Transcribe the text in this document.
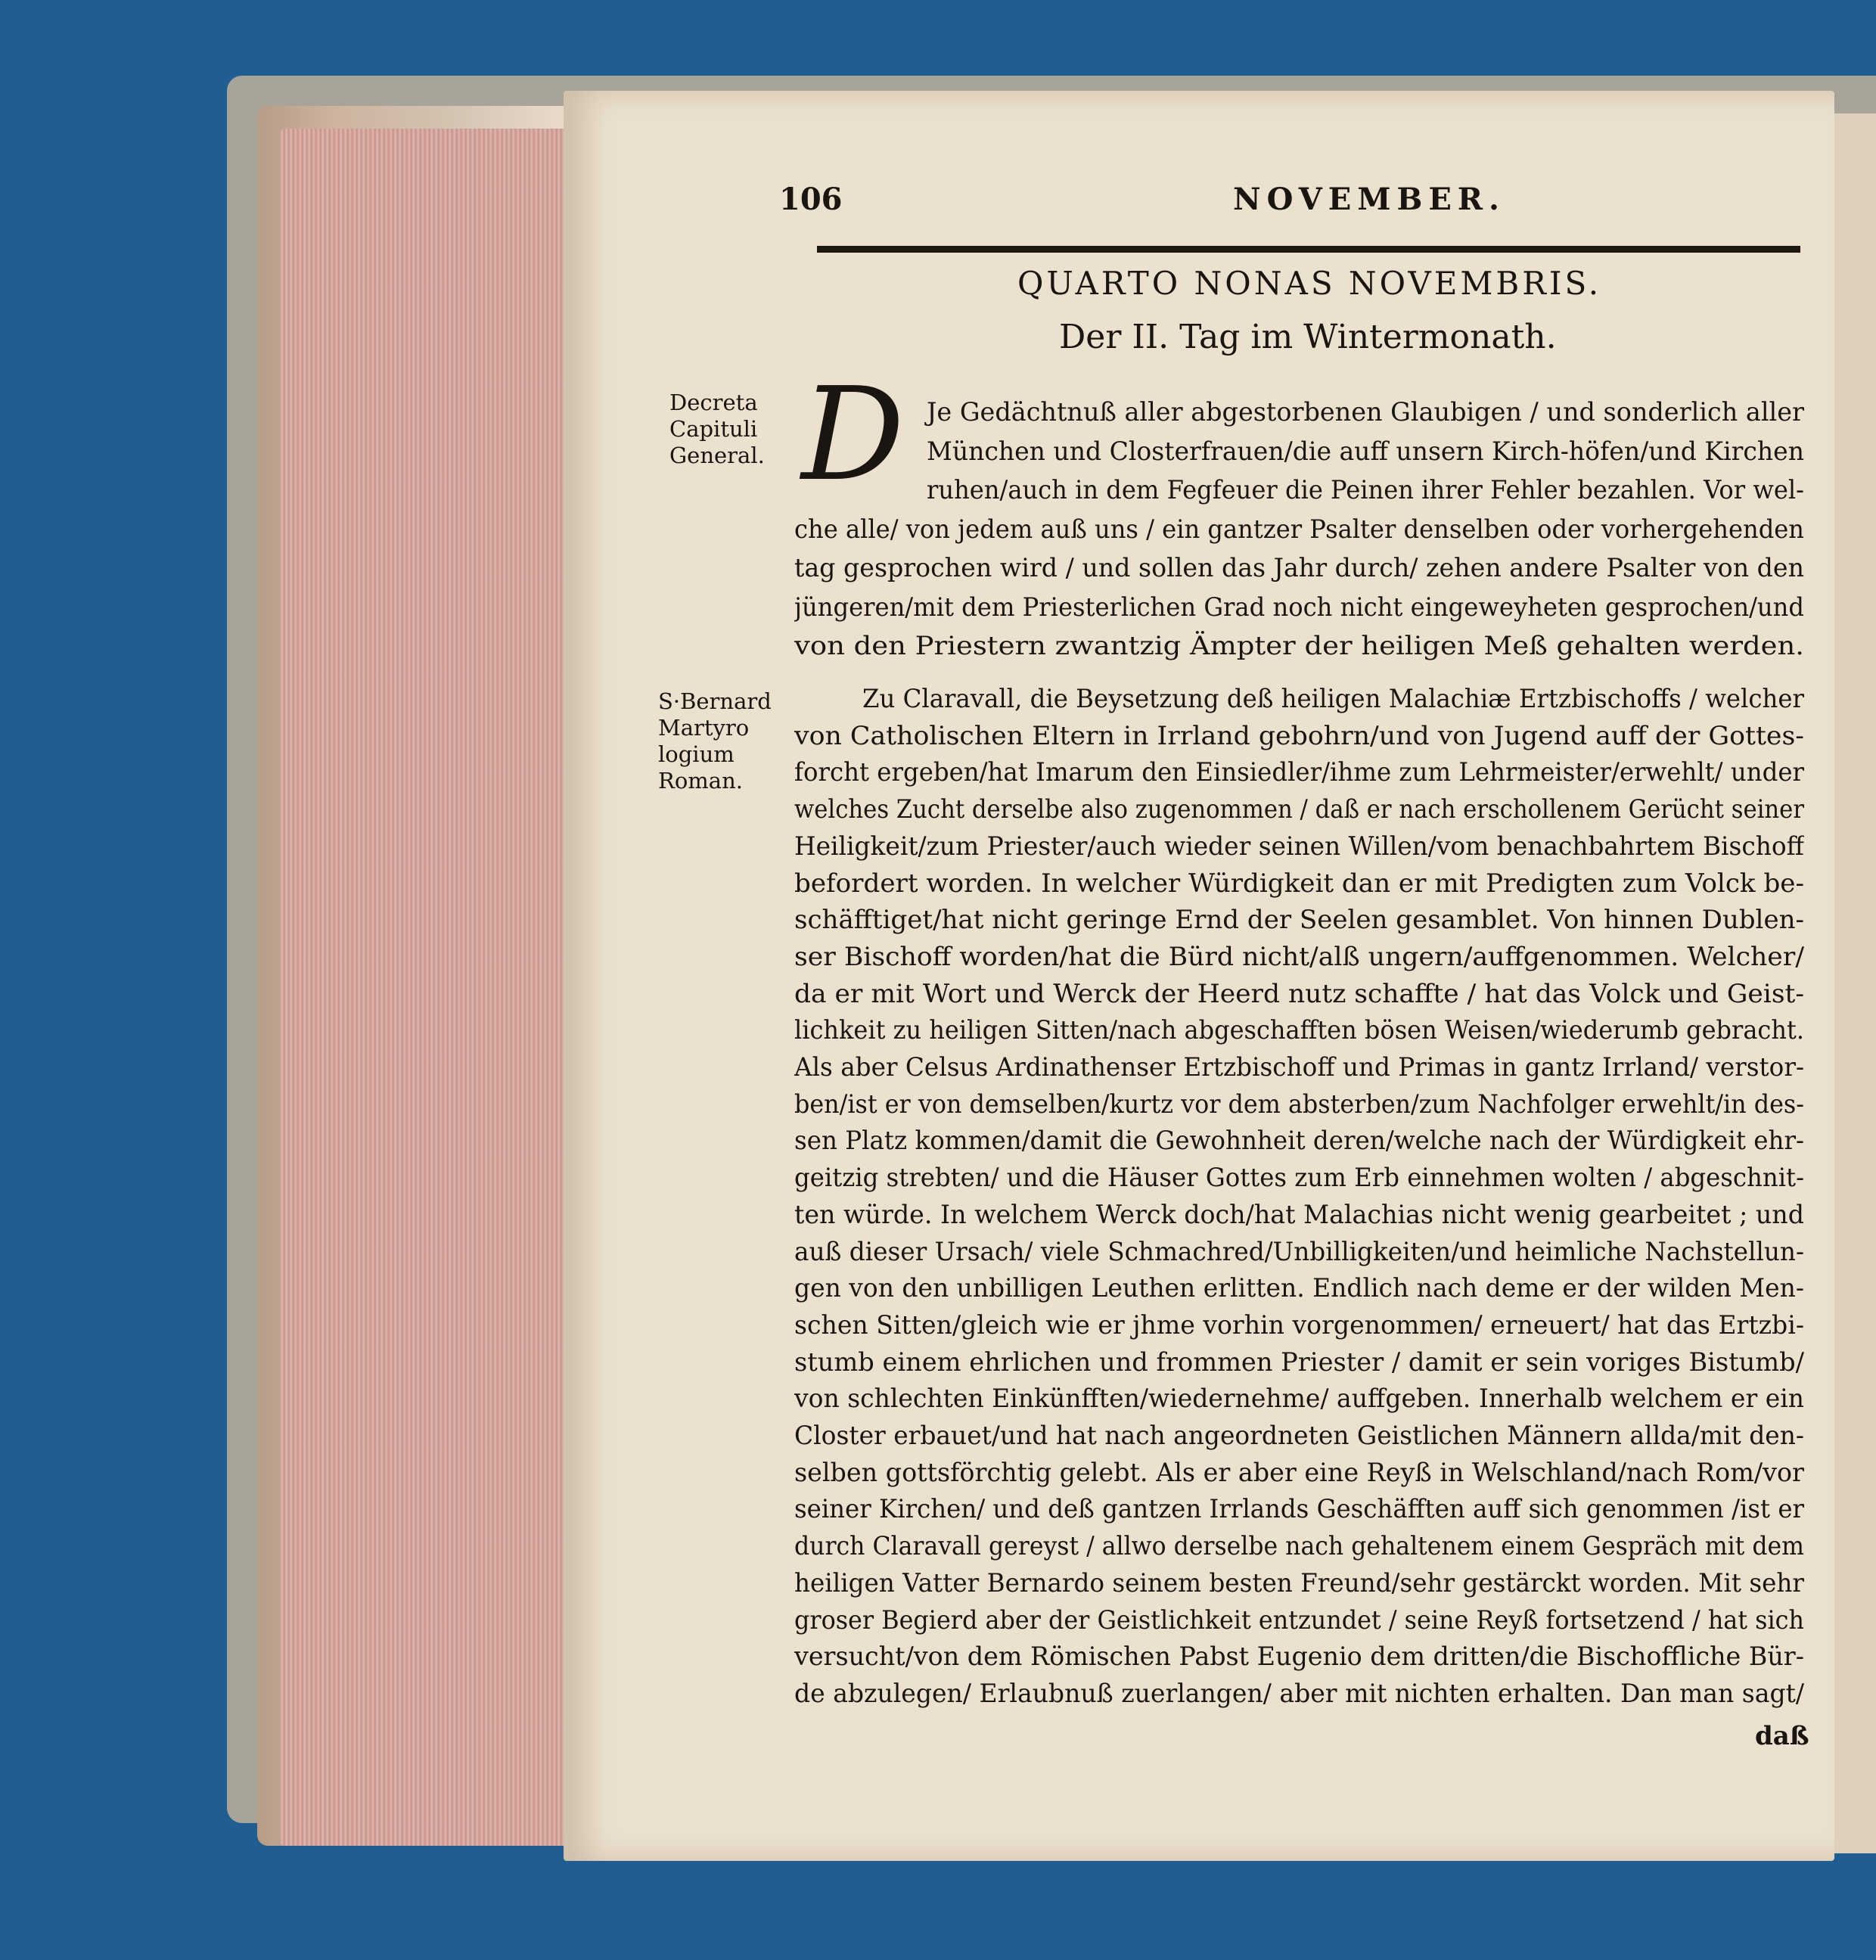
106	NOVEMBER.
QUARTO NONAS NOVEMBRIS.
Der II. Tag im Wintermonath.
Decreta
Capituli
General.
S·Bernard
Martyro
logium
Roman.
D Je Gedächtnuß aller abgestorbenen Glaubigen / und sonderlich aller
München und Closterfrauen/die auff unsern Kirch-höfen/und Kirchen
ruhen/auch in dem Fegfeuer die Peinen ihrer Fehler bezahlen. Vor wel-
che alle/ von jedem auß uns / ein gantzer Psalter denselben oder vorhergehenden
tag gesprochen wird / und sollen das Jahr durch/ zehen andere Psalter von den
jüngeren/mit dem Priesterlichen Grad noch nicht eingeweyheten gesprochen/und
von den Priestern zwantzig Ämpter der heiligen Meß gehalten werden.
Zu Claravall, die Beysetzung deß heiligen Malachiæ Ertzbischoffs / welcher
von Catholischen Eltern in Irrland gebohrn/und von Jugend auff der Gottes-
forcht ergeben/hat Imarum den Einsiedler/ihme zum Lehrmeister/erwehlt/ under
welches Zucht derselbe also zugenommen / daß er nach erschollenem Gerücht seiner
Heiligkeit/zum Priester/auch wieder seinen Willen/vom benachbahrtem Bischoff
befordert worden. In welcher Würdigkeit dan er mit Predigten zum Volck be-
schäfftiget/hat nicht geringe Ernd der Seelen gesamblet. Von hinnen Dublen-
ser Bischoff worden/hat die Bürd nicht/alß ungern/auffgenommen. Welcher/
da er mit Wort und Werck der Heerd nutz schaffte / hat das Volck und Geist-
lichkeit zu heiligen Sitten/nach abgeschafften bösen Weisen/wiederumb gebracht.
Als aber Celsus Ardinathenser Ertzbischoff und Primas in gantz Irrland/ verstor-
ben/ist er von demselben/kurtz vor dem absterben/zum Nachfolger erwehlt/in des-
sen Platz kommen/damit die Gewohnheit deren/welche nach der Würdigkeit ehr-
geitzig strebten/ und die Häuser Gottes zum Erb einnehmen wolten / abgeschnit-
ten würde. In welchem Werck doch/hat Malachias nicht wenig gearbeitet ; und
auß dieser Ursach/ viele Schmachred/Unbilligkeiten/und heimliche Nachstellun-
gen von den unbilligen Leuthen erlitten. Endlich nach deme er der wilden Men-
schen Sitten/gleich wie er jhme vorhin vorgenommen/ erneuert/ hat das Ertzbi-
stumb einem ehrlichen und frommen Priester / damit er sein voriges Bistumb/
von schlechten Einkünfften/wiedernehme/ auffgeben. Innerhalb welchem er ein
Closter erbauet/und hat nach angeordneten Geistlichen Männern allda/mit den-
selben gottsförchtig gelebt. Als er aber eine Reyß in Welschland/nach Rom/vor
seiner Kirchen/ und deß gantzen Irrlands Geschäfften auff sich genommen /ist er
durch Claravall gereyst / allwo derselbe nach gehaltenem einem Gespräch mit dem
heiligen Vatter Bernardo seinem besten Freund/sehr gestärckt worden. Mit sehr
groser Begierd aber der Geistlichkeit entzundet / seine Reyß fortsetzend / hat sich
versucht/von dem Römischen Pabst Eugenio dem dritten/die Bischoffliche Bür-
de abzulegen/ Erlaubnuß zuerlangen/ aber mit nichten erhalten. Dan man sagt/
daß
